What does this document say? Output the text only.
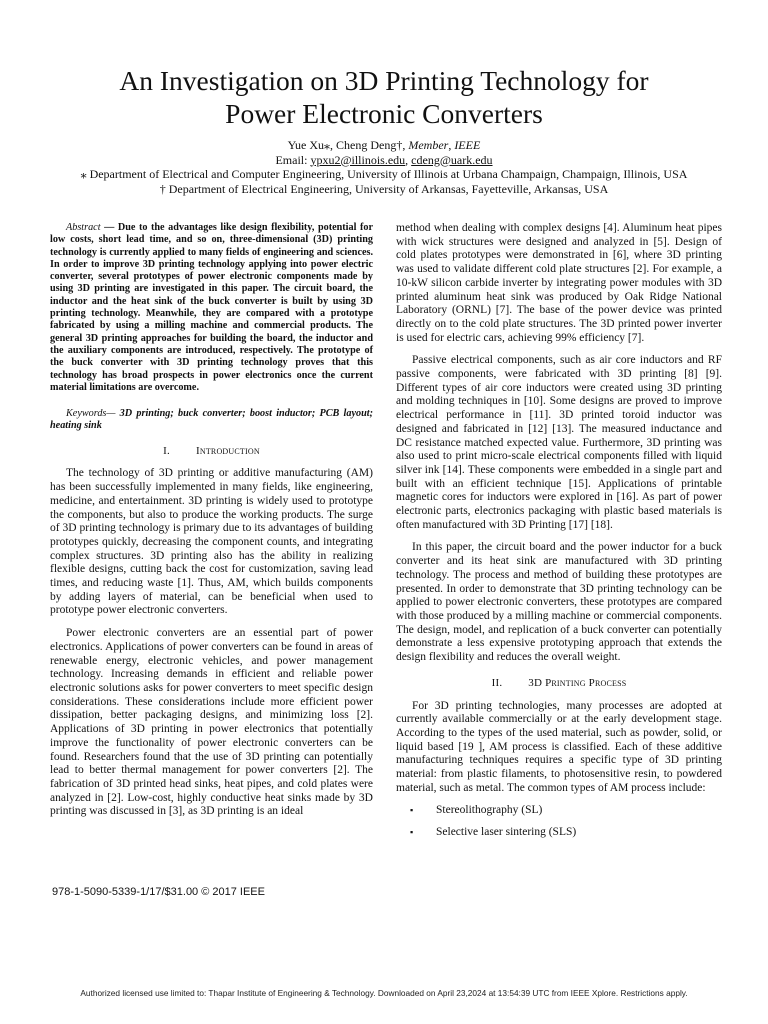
An Investigation on 3D Printing Technology for
Power Electronic Converters
Yue Xu⁎, Cheng Deng†, Member, IEEE
Email: ypxu2@illinois.edu, cdeng@uark.edu
⁎ Department of Electrical and Computer Engineering, University of Illinois at Urbana Champaign, Champaign, Illinois, USA
† Department of Electrical Engineering, University of Arkansas, Fayetteville, Arkansas, USA

Abstract — Due to the advantages like design flexibility, potential for low costs, short lead time, and so on, three-dimensional (3D) printing technology is currently applied to many fields of engineering and sciences. In order to improve 3D printing technology applying into power electric converter, several prototypes of power electronic components made by using 3D printing are investigated in this paper. The circuit board, the inductor and the heat sink of the buck converter is built by using 3D printing technology. Meanwhile, they are compared with a prototype fabricated by using a milling machine and commercial products. The general 3D printing approaches for building the board, the inductor and the auxiliary components are introduced, respectively. The prototype of the buck converter with 3D printing technology proves that this technology has broad prospects in power electronics once the current material limitations are overcome.

Keywords— 3D printing; buck converter; boost inductor; PCB layout; heating sink

I. Introduction

The technology of 3D printing or additive manufacturing (AM) has been successfully implemented in many fields, like engineering, medicine, and entertainment. 3D printing is widely used to prototype the components, but also to produce the working products. The surge of 3D printing technology is primary due to its advantages of building prototypes quickly, decreasing the component counts, and integrating complex structures. 3D printing also has the ability in realizing flexible designs, cutting back the cost for customization, saving lead times, and reducing waste [1]. Thus, AM, which builds components by adding layers of material, can be beneficial when used to prototype power electronic converters.

Power electronic converters are an essential part of power electronics. Applications of power converters can be found in areas of renewable energy, electronic vehicles, and power management technology. Increasing demands in efficient and reliable power electronic solutions asks for power converters to meet specific design considerations. These considerations include more efficient power dissipation, better packaging designs, and minimizing loss [2]. Applications of 3D printing in power electronics that potentially improve the functionality of power electronic converters can be found. Researchers found that the use of 3D printing can potentially lead to better thermal management for power converters [2]. The fabrication of 3D printed head sinks, heat pipes, and cold plates were analyzed in [2]. Low-cost, highly conductive heat sinks made by 3D printing was discussed in [3], as 3D printing is an ideal

method when dealing with complex designs [4]. Aluminum heat pipes with wick structures were designed and analyzed in [5]. Design of cold plates prototypes were demonstrated in [6], where 3D printing was used to validate different cold plate structures [2]. For example, a 10-kW silicon carbide inverter by integrating power modules with 3D printed aluminum heat sink was produced by Oak Ridge National Laboratory (ORNL) [7]. The base of the power device was printed directly on to the cold plate structures. The 3D printed power inverter is used for electric cars, achieving 99% efficiency [7].

Passive electrical components, such as air core inductors and RF passive components, were fabricated with 3D printing [8] [9]. Different types of air core inductors were created using 3D printing and molding techniques in [10]. Some designs are proved to improve electrical performance in [11]. 3D printed toroid inductor was designed and fabricated in [12] [13]. The measured inductance and DC resistance matched expected value. Furthermore, 3D printing was also used to print micro-scale electrical components filled with liquid silver ink [14]. These components were embedded in a single part and built with an efficient technique [15]. Applications of printable magnetic cores for inductors were explored in [16]. As part of power electronic parts, electronics packaging with plastic based materials is often manufactured with 3D Printing [17] [18].

In this paper, the circuit board and the power inductor for a buck converter and its heat sink are manufactured with 3D printing technology. The process and method of building these prototypes are presented. In order to demonstrate that 3D printing technology can be applied to power electronic converters, these prototypes are compared with those produced by a milling machine or commercial components. The design, model, and replication of a buck converter can potentially demonstrate a less expensive prototyping approach that extends the design flexibility and reduces the overall weight.

II. 3D Printing Process

For 3D printing technologies, many processes are adopted at currently available commercially or at the early development stage. According to the types of the used material, such as powder, solid, or liquid based [19 ], AM process is classified. Each of these additive manufacturing techniques requires a specific type of 3D printing material: from plastic filaments, to photosensitive resin, to powdered material, such as metal. The common types of AM process include:

▪ Stereolithography (SL)
▪ Selective laser sintering (SLS)
978-1-5090-5339-1/17/$31.00 © 2017 IEEE
Authorized licensed use limited to: Thapar Institute of Engineering & Technology. Downloaded on April 23,2024 at 13:54:39 UTC from IEEE Xplore. Restrictions apply.
